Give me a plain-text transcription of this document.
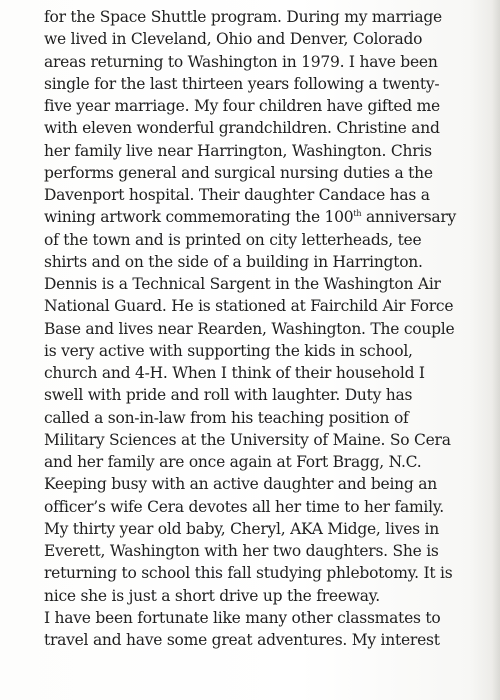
for the Space Shuttle program. During my marriage
we lived in Cleveland, Ohio and Denver, Colorado
areas returning to Washington in 1979. I have been
single for the last thirteen years following a twenty-
five year marriage. My four children have gifted me
with eleven wonderful grandchildren. Christine and
her family live near Harrington, Washington. Chris
performs general and surgical nursing duties a the
Davenport hospital. Their daughter Candace has a
wining artwork commemorating the 100th anniversary
of the town and is printed on city letterheads, tee
shirts and on the side of a building in Harrington.
Dennis is a Technical Sargent in the Washington Air
National Guard. He is stationed at Fairchild Air Force
Base and lives near Rearden, Washington. The couple
is very active with supporting the kids in school,
church and 4-H. When I think of their household I
swell with pride and roll with laughter. Duty has
called a son-in-law from his teaching position of
Military Sciences at the University of Maine. So Cera
and her family are once again at Fort Bragg, N.C.
Keeping busy with an active daughter and being an
officer’s wife Cera devotes all her time to her family.
My thirty year old baby, Cheryl, AKA Midge, lives in
Everett, Washington with her two daughters. She is
returning to school this fall studying phlebotomy. It is
nice she is just a short drive up the freeway.
I have been fortunate like many other classmates to
travel and have some great adventures. My interest
